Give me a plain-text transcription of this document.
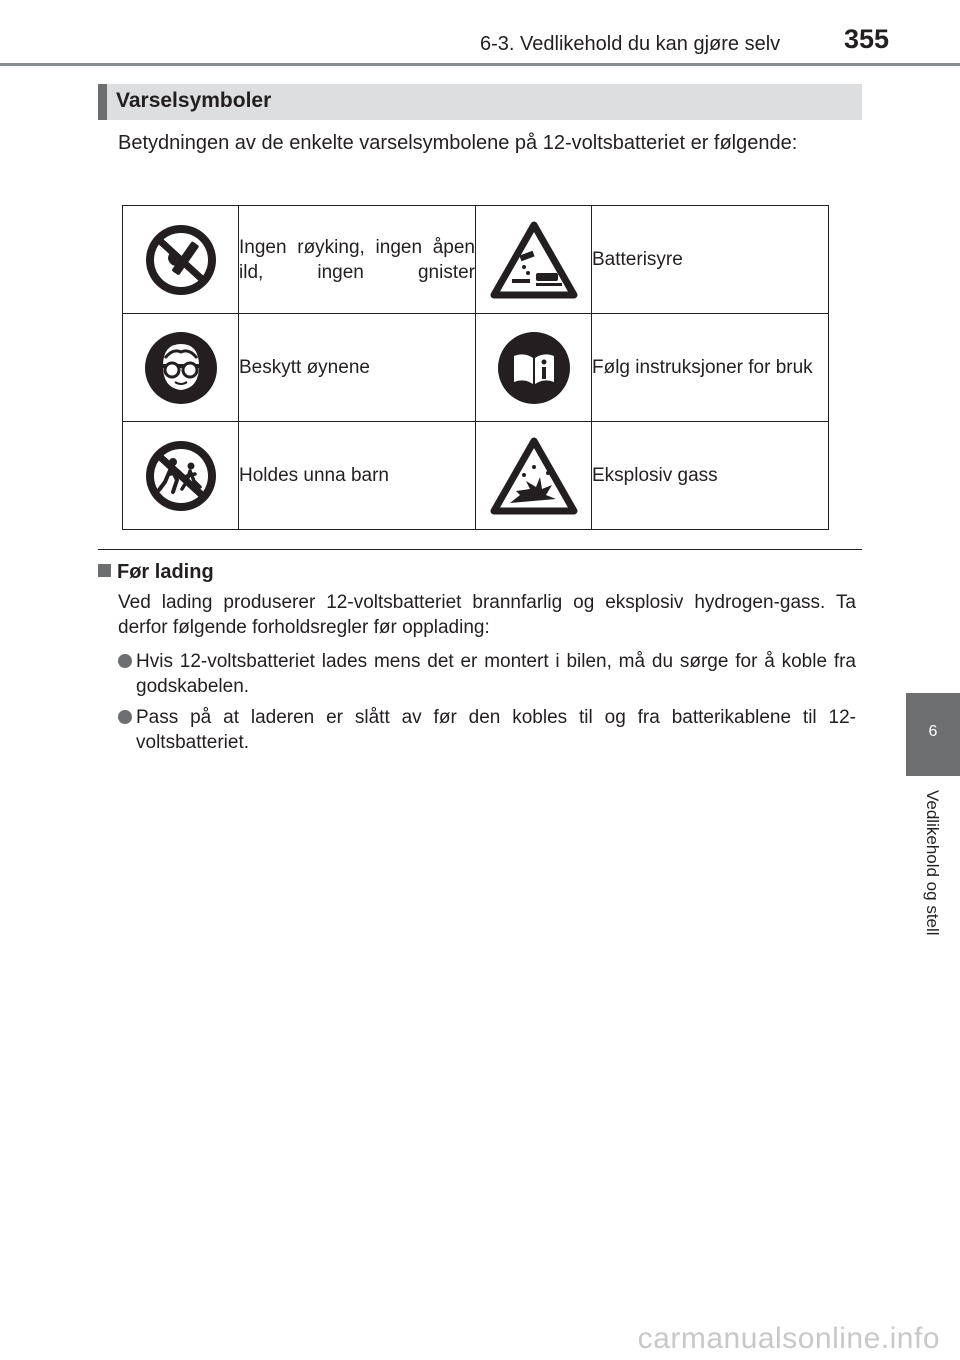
6-3. Vedlikehold du kan gjøre selv 355
Varselsymboler
Betydningen av de enkelte varselsymbolene på 12-voltsbatteriet er følgende:

Ingen røyking, ingen åpen ild, ingen gnister		Batterisyre

	Beskytt øynene		Følg instruksjoner for bruk

	Holdes unna barn		Eksplosiv gass
Før lading
Ved lading produserer 12-voltsbatteriet brannfarlig og eksplosiv hydrogen-gass. Ta derfor følgende forholdsregler før opplading:
Hvis 12-voltsbatteriet lades mens det er montert i bilen, må du sørge for å koble fra godskabelen.
Pass på at laderen er slått av før den kobles til og fra batterikablene til 12-voltsbatteriet.
6
Vedlikehold og stell
carmanualsonline.info
